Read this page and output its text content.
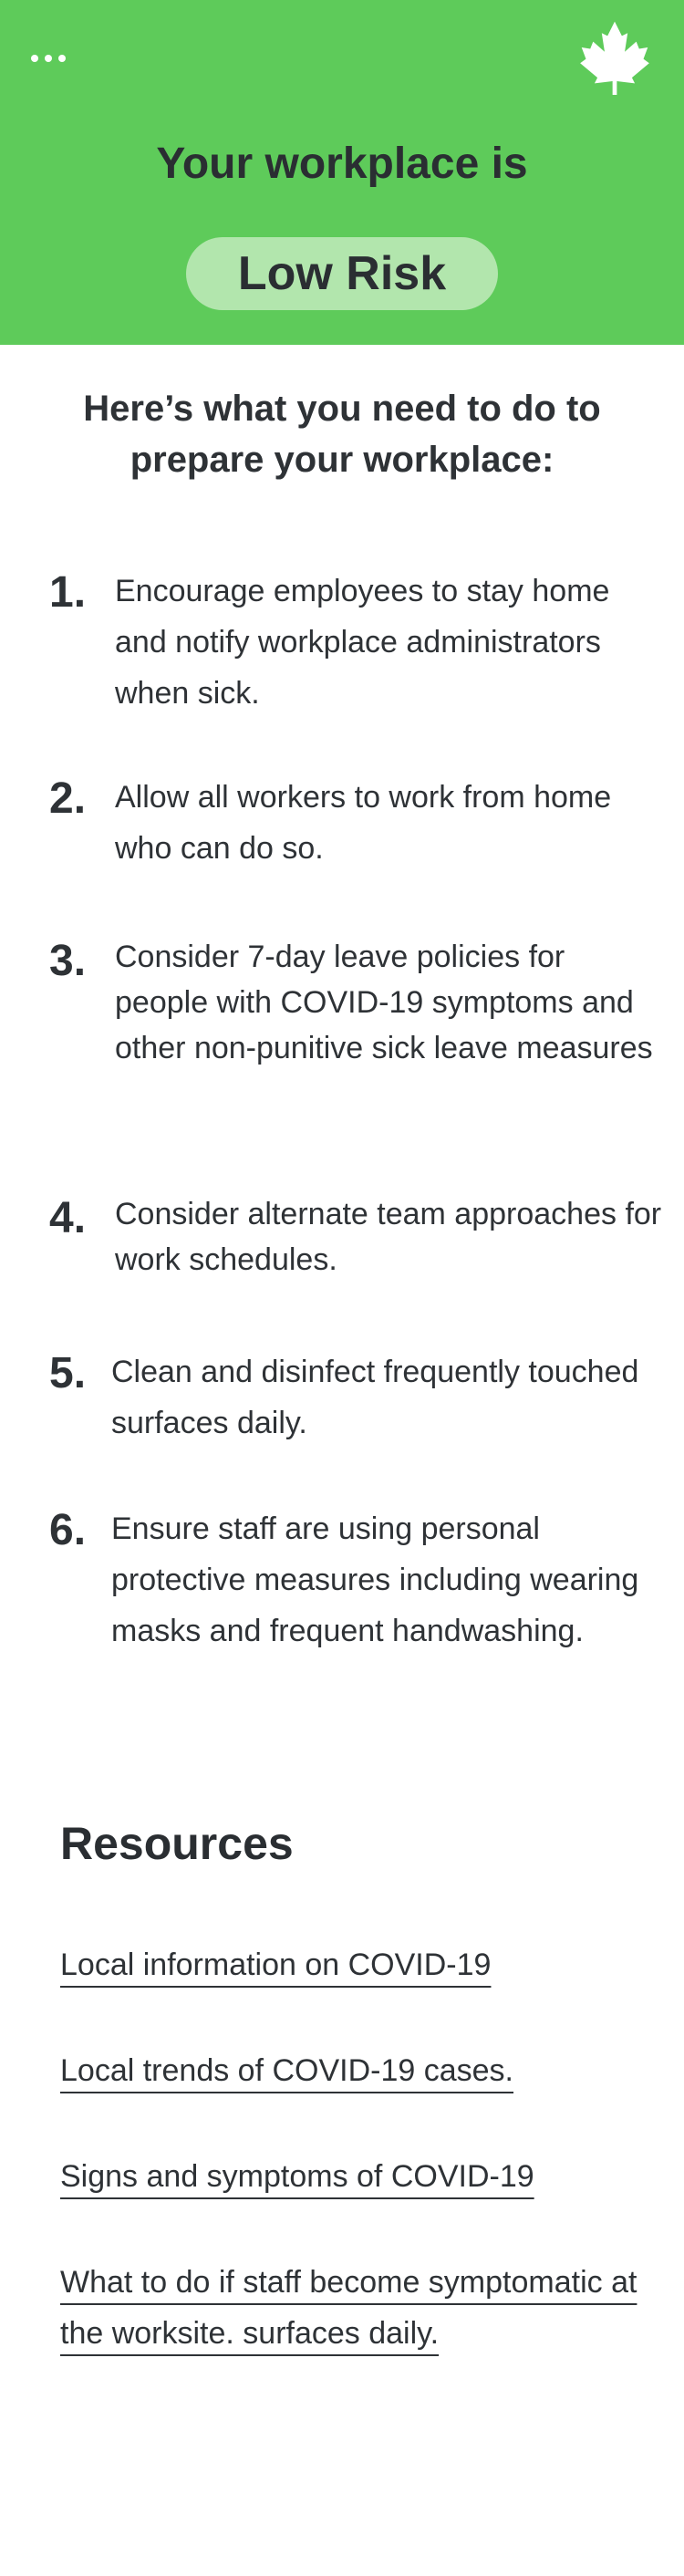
Your workplace is
Low Risk
Here’s what you need to do to prepare your workplace:
1. Encourage employees to stay home and notify workplace administrators when sick.
2. Allow all workers to work from home who can do so.
3. Consider 7-day leave policies for people with COVID-19 symptoms and other non-punitive sick leave measures
4. Consider alternate team approaches for work schedules.
5. Clean and disinfect frequently touched surfaces daily.
6. Ensure staff are using personal protective measures including wearing masks and frequent handwashing.
Resources
Local information on COVID-19
Local trends of COVID-19 cases.
Signs and symptoms of COVID-19
What to do if staff become symptomatic at the worksite. surfaces daily.
